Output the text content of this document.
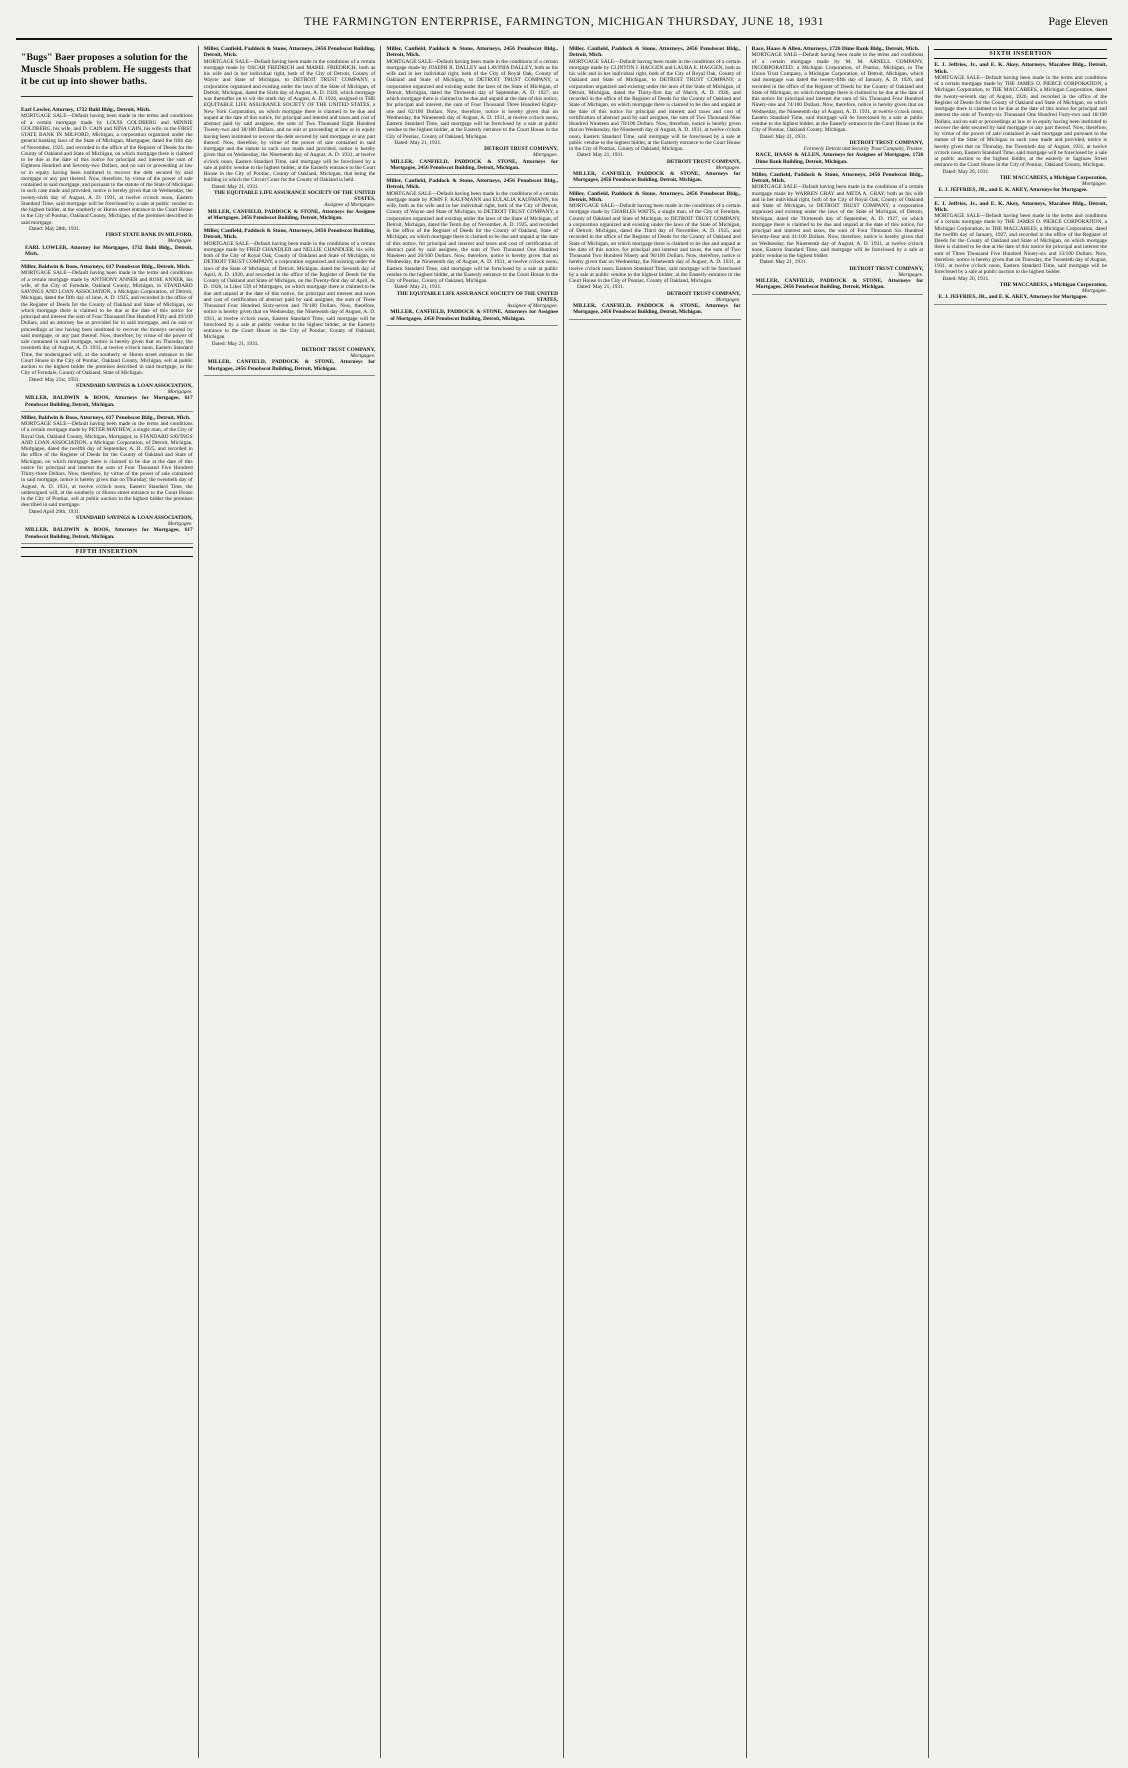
THE FARMINGTON ENTERPRISE, FARMINGTON, MICHIGAN THURSDAY, JUNE 18, 1931	Page Eleven
"Bugs" Baer proposes a solution for the Muscle Shoals problem. He suggests that it be cut up into shower baths.
Earl Lowler, Attorney, 1732 Buhl Bldg., Detroit, Mich.
MORTGAGE SALE—Default having been made in the terms and conditions of a certain mortgage made by LOUIS GOLDBERG and MINNIE GOLDBERG, his wife, and D. CAIN and NINA CAIN, his wife, to the FIRST STATE BANK IN MILFORD, Michigan, a corporation organized under the general banking laws of the State of Michigan, Mortgagee, dated the fifth day of November, 1925, and recorded in the office of the Register of Deeds for the County of Oakland and State of Michigan, on which mortgage there is claimed to be due at the date of this notice for principal and interest the sum of Eighteen Hundred and Seventy-two Dollars, and no suit or proceeding at law or in equity having been instituted to recover the debt secured by said mortgage or any part thereof. Now, therefore, by virtue of the power of sale contained in said mortgage, and pursuant to the statute of the State of Michigan in such case made and provided, notice is hereby given that on Wednesday, the twenty-sixth day of August, A. D. 1931, at twelve o'clock noon, Eastern Standard Time, said mortgage will be foreclosed by a sale at public vendue to the highest bidder, at the southerly or Huron street entrance to the Court House in the City of Pontiac, Oakland County, Michigan, of the premises described in said mortgage.
Dated: May 28th, 1931.
FIRST STATE BANK IN MILFORD,
Mortgagee.
EARL LOWLER, Attorney for Mortgagee, 1732 Buhl Bldg., Detroit, Mich.
Miller, Baldwin & Boos, Attorneys, 617 Penobscot Bldg., Detroit, Mich.
MORTGAGE SALE—Default having been made in the terms and conditions of a certain mortgage made by ANTHONY ANNER and ROSE ANNER, his wife, of the City of Ferndale, Oakland County, Michigan, to STANDARD SAVINGS AND LOAN ASSOCIATION, a Michigan Corporation, of Detroit, Michigan, dated the fifth day of June, A. D. 1925, and recorded in the office of the Register of Deeds for the County of Oakland and State of Michigan, on which mortgage there is claimed to be due at the date of this notice for principal and interest the sum of Four Thousand One Hundred Fifty and 49/100 Dollars, and an attorney fee as provided for in said mortgage, and no suit or proceedings at law having been instituted to recover the moneys secured by said mortgage, or any part thereof. Now, therefore, by virtue of the power of sale contained in said mortgage, notice is hereby given that on Thursday, the twentieth day of August, A. D. 1931, at twelve o'clock noon, Eastern Standard Time, the undersigned will, at the southerly or Huron street entrance to the Court House in the City of Pontiac, Oakland County, Michigan, sell at public auction to the highest bidder the premises described in said mortgage, in the City of Ferndale, County of Oakland, State of Michigan.
Dated: May 21st, 1931.
STANDARD SAVINGS & LOAN ASSOCIATION,
Mortgagee.
MILLER, BALDWIN & BOOS, Attorneys for Mortgagee, 617 Penobscot Building, Detroit, Michigan.
Miller, Baldwin & Boos, Attorneys, 617 Penobscot Bldg., Detroit, Mich.
MORTGAGE SALE—Default having been made in the terms and conditions of a certain mortgage made by PETER MAYHEW, a single man, of the City of Royal Oak, Oakland County, Michigan, Mortgagor, to STANDARD SAVINGS AND LOAN ASSOCIATION, a Michigan Corporation, of Detroit, Michigan, Mortgagee, dated the twelfth day of September, A. D. 1925, and recorded in the office of the Register of Deeds for the County of Oakland and State of Michigan, on which mortgage there is claimed to be due at the date of this notice for principal and interest the sum of Four Thousand Five Hundred Thirty-three Dollars. Now, therefore, by virtue of the power of sale contained in said mortgage, notice is hereby given that on Thursday, the twentieth day of August, A. D. 1931, at twelve o'clock noon, Eastern Standard Time, the undersigned will, at the southerly or Huron street entrance to the Court House in the City of Pontiac, sell at public auction to the highest bidder the premises described in said mortgage.
Dated April 29th, 1931.
STANDARD SAVINGS & LOAN ASSOCIATION,
Mortgagee.
MILLER, BALDWIN & BOOS, Attorneys for Mortgagee, 617 Penobscot Building, Detroit, Michigan.
FIFTH INSERTION
Miller, Canfield, Paddock & Stone, Attorneys, 2456 Penobscot Building, Detroit, Mich.
MORTGAGE SALE—Default having been made in the conditions of a certain mortgage made by OSCAR FREDRICH and MABEL FRIEDRICH, both as his wife and in her individual right, both of the City of Detroit, County of Wayne and State of Michigan, to DETROIT TRUST COMPANY, a corporation organized and existing under the laws of the State of Michigan, of Detroit, Michigan, dated the Sixth day of August, A. D. 1926, which mortgage was thereafter on to wit the ninth day of August, A. D. 1926, assigned to THE EQUITABLE LIFE ASSURANCE SOCIETY OF THE UNITED STATES, a New York Corporation, on which mortgage there is claimed to be due and unpaid at the date of this notice, for principal and interest and taxes and cost of abstract paid by said assignee, the sum of Two Thousand Eight Hundred Twenty-two and 38/100 Dollars, and no suit or proceeding at law or in equity having been instituted to recover the debt secured by said mortgage or any part thereof. Now, therefore, by virtue of the power of sale contained in said mortgage and the statute in such case made and provided, notice is hereby given that on Wednesday, the Nineteenth day of August, A. D. 1931, at twelve o'clock noon, Eastern Standard Time, said mortgage will be foreclosed by a sale at public vendue to the highest bidder, at the Easterly entrance to the Court House in the City of Pontiac, County of Oakland, Michigan, that being the building in which the Circuit Court for the County of Oakland is held.
Dated: May 21, 1931.
THE EQUITABLE LIFE ASSURANCE SOCIETY OF THE UNITED STATES,
Assignee of Mortgagee.
MILLER, CANFIELD, PADDOCK & STONE, Attorneys for Assignee of Mortgagee, 2456 Penobscot Building, Detroit, Michigan.
Miller, Canfield, Paddock & Stone, Attorneys, 2456 Penobscot Building, Detroit, Mich.
MORTGAGE SALE—Default having been made in the conditions of a certain mortgage made by FRED CHANDLER and NELLIE CHANDLER, his wife, both of the City of Royal Oak, County of Oakland and State of Michigan, to DETROIT TRUST COMPANY, a corporation organized and existing under the laws of the State of Michigan, of Detroit, Michigan, dated the Seventh day of April, A. D. 1926, and recorded in the office of the Register of Deeds for the County of Oakland and State of Michigan, on the Twenty-first day of April, A. D. 1926, in Liber 539 of Mortgages, on which mortgage there is claimed to be due and unpaid at the date of this notice, for principal and interest and taxes and cost of certification of abstract paid by said assignee, the sum of Three Thousand Four Hundred Sixty-seven and 70/100 Dollars. Now, therefore, notice is hereby given that on Wednesday, the Nineteenth day of August, A. D. 1931, at twelve o'clock noon, Eastern Standard Time, said mortgage will be foreclosed by a sale at public vendue to the highest bidder, at the Easterly entrance to the Court House in the City of Pontiac, County of Oakland, Michigan.
Dated: May 21, 1931.
DETROIT TRUST COMPANY,
Mortgagee.
MILLER, CANFIELD, PADDOCK & STONE, Attorneys for Mortgagee, 2456 Penobscot Building, Detroit, Michigan.
Miller, Canfield, Paddock & Stone, Attorneys, 2456 Penobscot Bldg., Detroit, Mich.
MORTGAGE SALE—Default having been made in the conditions of a certain mortgage made by JOSEPH R. DALLEY and LAVINIA DALLEY, both as his wife and in her individual right, both of the City of Royal Oak, County of Oakland and State of Michigan, to DETROIT TRUST COMPANY, a corporation organized and existing under the laws of the State of Michigan, of Detroit, Michigan, dated the Thirteenth day of September, A. D. 1927, on which mortgage there is claimed to be due and unpaid at the date of this notice, for principal and interest, the sum of Four Thousand Three Hundred Eighty-one and 62/100 Dollars. Now, therefore, notice is hereby given that on Wednesday, the Nineteenth day of August, A. D. 1931, at twelve o'clock noon, Eastern Standard Time, said mortgage will be foreclosed by a sale at public vendue to the highest bidder, at the Easterly entrance to the Court House in the City of Pontiac, County of Oakland, Michigan.
Dated: May 21, 1931.
DETROIT TRUST COMPANY,
Mortgagee.
MILLER, CANFIELD, PADDOCK & STONE, Attorneys for Mortgagee, 2456 Penobscot Building, Detroit, Michigan.
Miller, Canfield, Paddock & Stone, Attorneys, 2456 Penobscot Bldg., Detroit, Mich.
MORTGAGE SALE—Default having been made in the conditions of a certain mortgage made by JOHN F. KAUFMANN and EULALIA KAUFMANN, his wife, both as his wife and in her individual right, both of the City of Detroit, County of Wayne and State of Michigan, to DETROIT TRUST COMPANY, a corporation organized and existing under the laws of the State of Michigan, of Detroit, Michigan, dated the Tenth day of November, A. D. 1925, and recorded in the office of the Register of Deeds for the County of Oakland, State of Michigan, on which mortgage there is claimed to be due and unpaid at the date of this notice, for principal and interest and taxes and cost of certification of abstract paid by said assignee, the sum of Two Thousand One Hundred Nineteen and 20/100 Dollars. Now, therefore, notice is hereby given that on Wednesday, the Nineteenth day of August, A. D. 1931, at twelve o'clock noon, Eastern Standard Time, said mortgage will be foreclosed by a sale at public vendue to the highest bidder, at the Easterly entrance to the Court House in the City of Pontiac, County of Oakland, Michigan.
Dated: May 21, 1931.
THE EQUITABLE LIFE ASSURANCE SOCIETY OF THE UNITED STATES,
Assignee of Mortgagee.
MILLER, CANFIELD, PADDOCK & STONE, Attorneys for Assignee of Mortgagee, 2456 Penobscot Building, Detroit, Michigan.
Miller, Canfield, Paddock & Stone, Attorneys, 2456 Penobscot Bldg., Detroit, Mich.
MORTGAGE SALE—Default having been made in the conditions of a certain mortgage made by CLINTON J. HAGGEN and LAURA E. HAGGEN, both as his wife and in her individual right, both of the City of Royal Oak, County of Oakland and State of Michigan, to DETROIT TRUST COMPANY, a corporation organized and existing under the laws of the State of Michigan, of Detroit, Michigan, dated the Thirty-first day of March, A. D. 1926, and recorded in the office of the Register of Deeds for the County of Oakland and State of Michigan, on which mortgage there is claimed to be due and unpaid at the date of this notice for principal and interest and taxes and cost of certification of abstract paid by said assignee, the sum of Two Thousand Nine Hundred Nineteen and 78/100 Dollars. Now, therefore, notice is hereby given that on Wednesday, the Nineteenth day of August, A. D. 1931, at twelve o'clock noon, Eastern Standard Time, said mortgage will be foreclosed by a sale at public vendue to the highest bidder, at the Easterly entrance to the Court House in the City of Pontiac, County of Oakland, Michigan.
Dated: May 21, 1931.
DETROIT TRUST COMPANY,
Mortgagee.
MILLER, CANFIELD, PADDOCK & STONE, Attorneys for Mortgagee, 2456 Penobscot Building, Detroit, Michigan.
Miller, Canfield, Paddock & Stone, Attorneys, 2456 Penobscot Bldg., Detroit, Mich.
MORTGAGE SALE—Default having been made in the conditions of a certain mortgage made by CHARLES WATTS, a single man, of the City of Ferndale, County of Oakland and State of Michigan, to DETROIT TRUST COMPANY, a corporation organized and existing under the laws of the State of Michigan, of Detroit, Michigan, dated the Third day of November, A. D. 1925, and recorded in the office of the Register of Deeds for the County of Oakland and State of Michigan, on which mortgage there is claimed to be due and unpaid at the date of this notice, for principal and interest and taxes, the sum of Two Thousand Two Hundred Ninety and 96/100 Dollars. Now, therefore, notice is hereby given that on Wednesday, the Nineteenth day of August, A. D. 1931, at twelve o'clock noon, Eastern Standard Time, said mortgage will be foreclosed by a sale at public vendue to the highest bidder, at the Easterly entrance to the Court House in the City of Pontiac, County of Oakland, Michigan.
Dated: May 21, 1931.
DETROIT TRUST COMPANY,
Mortgagee.
MILLER, CANFIELD, PADDOCK & STONE, Attorneys for Mortgagee, 2456 Penobscot Building, Detroit, Michigan.
Race, Haass & Allen, Attorneys, 1726 Dime Bank Bldg., Detroit, Mich.
MORTGAGE SALE—Default having been made in the terms and conditions of a certain mortgage made by M. M. ARNELL COMPANY, INCORPORATED, a Michigan Corporation, of Pontiac, Michigan, to The Union Trust Company, a Michigan Corporation, of Detroit, Michigan, which said mortgage was dated the twenty-fifth day of January, A. D. 1926, and recorded in the office of the Register of Deeds for the County of Oakland and State of Michigan, on which mortgage there is claimed to be due at the date of this notice for principal and interest the sum of Six Thousand Four Hundred Ninety-one and 74/100 Dollars. Now, therefore, notice is hereby given that on Wednesday, the Nineteenth day of August, A. D. 1931, at twelve o'clock noon, Eastern Standard Time, said mortgage will be foreclosed by a sale at public vendue to the highest bidder, at the Easterly entrance to the Court House in the City of Pontiac, Oakland County, Michigan.
Dated: May 21, 1931.
DETROIT TRUST COMPANY,
Formerly Detroit and Security Trust Company, Trustee.
RACE, HAASS & ALLEN, Attorneys for Assignee of Mortgagee, 1726 Dime Bank Building, Detroit, Michigan.
Miller, Canfield, Paddock & Stone, Attorneys, 2456 Penobscot Bldg., Detroit, Mich.
MORTGAGE SALE—Default having been made in the conditions of a certain mortgage made by WARREN GRAY and META A. GRAY, both as his wife and in her individual right, both of the City of Royal Oak, County of Oakland and State of Michigan, to DETROIT TRUST COMPANY, a corporation organized and existing under the laws of the State of Michigan, of Detroit, Michigan, dated the Thirteenth day of September, A. D. 1927, on which mortgage there is claimed to be due and unpaid at the date of this notice, for principal and interest and taxes, the sum of Four Thousand Six Hundred Seventy-four and 41/100 Dollars. Now, therefore, notice is hereby given that on Wednesday, the Nineteenth day of August, A. D. 1931, at twelve o'clock noon, Eastern Standard Time, said mortgage will be foreclosed by a sale at public vendue to the highest bidder.
Dated: May 21, 1931.
DETROIT TRUST COMPANY,
Mortgagee.
MILLER, CANFIELD, PADDOCK & STONE, Attorneys for Mortgagee, 2456 Penobscot Building, Detroit, Michigan.
SIXTH INSERTION
E. J. Jeffries, Jr., and E. K. Akey, Attorneys, Macabee Bldg., Detroit, Mich.
MORTGAGE SALE—Default having been made in the terms and conditions of a certain mortgage made by THE JAMES O. PIERCE CORPORATION, a Michigan Corporation, to THE MACCABEES, a Michigan Corporation, dated the twenty-seventh day of August, 1926, and recorded in the office of the Register of Deeds for the County of Oakland and State of Michigan, on which mortgage there is claimed to be due at the date of this notice for principal and interest the sum of Twenty-six Thousand One Hundred Forty-two and 18/100 Dollars, and no suit or proceedings at law or in equity having been instituted to recover the debt secured by said mortgage or any part thereof. Now, therefore, by virtue of the power of sale contained in said mortgage and pursuant to the statute of the State of Michigan in such case made and provided, notice is hereby given that on Thursday, the Twentieth day of August, 1931, at twelve o'clock noon, Eastern Standard Time, said mortgage will be foreclosed by a sale at public auction to the highest bidder, at the easterly or Saginaw Street entrance to the Court House in the City of Pontiac, Oakland County, Michigan.
Dated: May 20, 1931.
THE MACCABEES, a Michigan Corporation,
Mortgagee.
E. J. JEFFRIES, JR., and E. K. AKEY, Attorneys for Mortgagee.
E. J. Jeffries, Jr., and E. K. Akey, Attorneys, Macabee Bldg., Detroit, Mich.
MORTGAGE SALE—Default having been made in the terms and conditions of a certain mortgage made by THE JAMES O. PIERCE CORPORATION, a Michigan Corporation, to THE MACCABEES, a Michigan Corporation, dated the twelfth day of January, 1927, and recorded in the office of the Register of Deeds for the County of Oakland and State of Michigan, on which mortgage there is claimed to be due at the date of this notice for principal and interest the sum of Three Thousand Five Hundred Ninety-six and 33/100 Dollars. Now, therefore, notice is hereby given that on Thursday, the Twentieth day of August, 1931, at twelve o'clock noon, Eastern Standard Time, said mortgage will be foreclosed by a sale at public auction to the highest bidder.
Dated: May 20, 1931.
THE MACCABEES, a Michigan Corporation,
Mortgagee.
E. J. JEFFRIES, JR., and E. K. AKEY, Attorneys for Mortgagee.
